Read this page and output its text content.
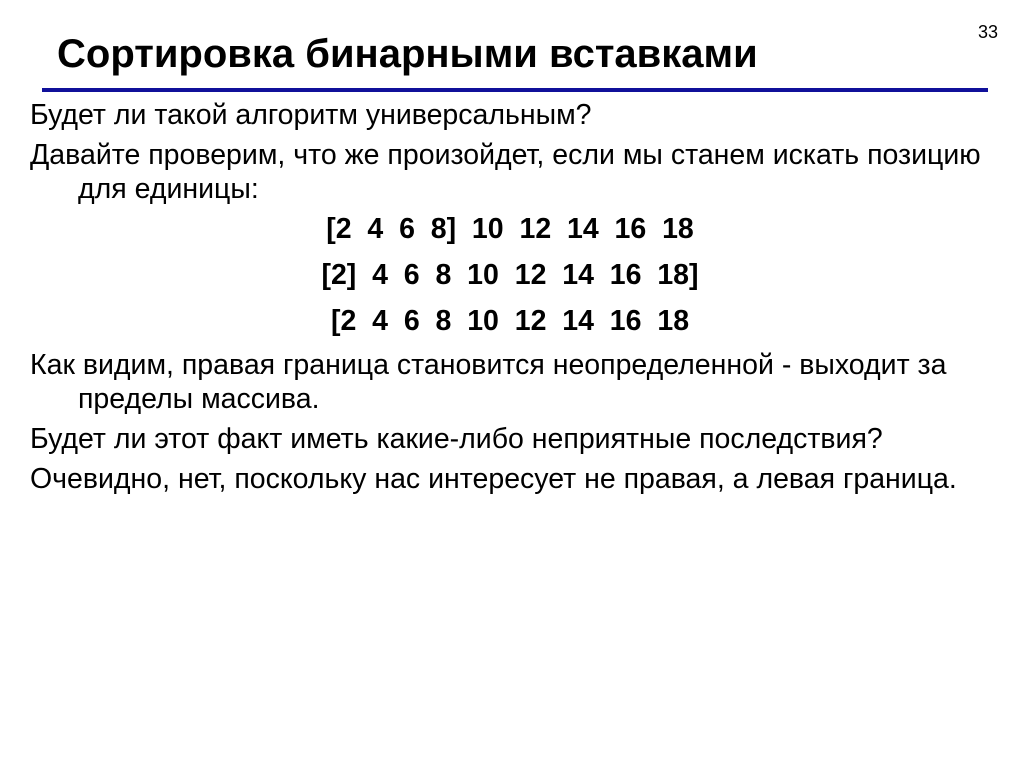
33
Сортировка бинарными вставками

Будет ли такой алгоритм универсальным?

Давайте проверим, что же произойдет, если мы станем искать позицию для единицы:

[2  4  6  8]  10  12  14  16  18
[2]  4  6  8  10  12  14  16  18]
[2  4  6  8  10  12  14  16  18

Как видим, правая граница становится неопределенной - выходит за пределы массива.

Будет ли этот факт иметь какие-либо неприятные последствия?

Очевидно, нет, поскольку нас интересует не правая, а левая граница.
